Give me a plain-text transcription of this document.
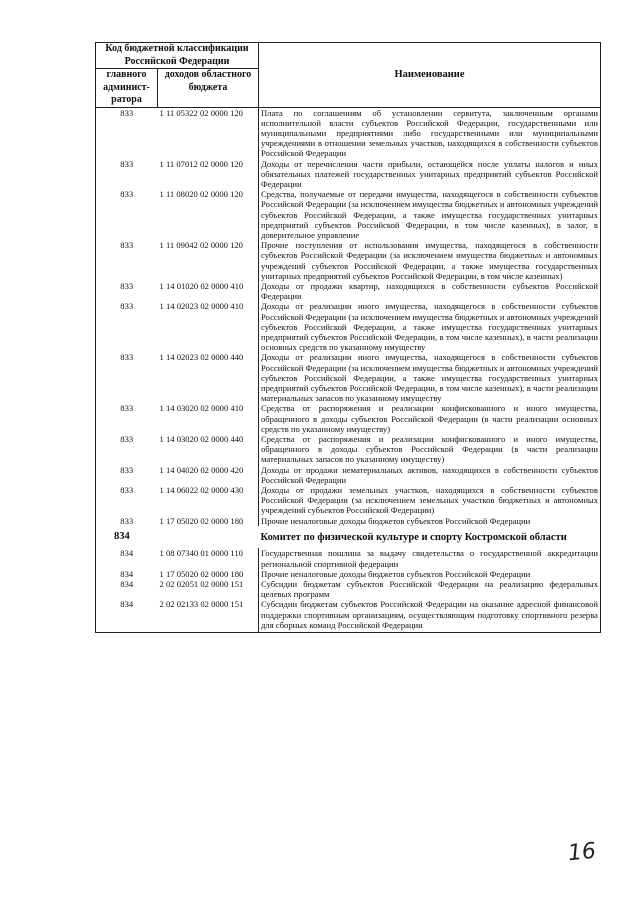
Код бюджетной классификации Российской Федерации		Наименование
главного админист-ратора	доходов областного бюджета	
833	1 11 05322 02 0000 120	Плата по соглашениям об установлении сервитута, заключенным органами исполнительной власти субъектов Российской Федерации, государственными или муниципальными предприятиями либо государственными или муниципальными учреждениями в отношении земельных участков, находящихся в собственности субъектов Российской Федерации
833	1 11 07012 02 0000 120	Доходы от перечисления части прибыли, остающейся после уплаты налогов и иных обязательных платежей государственных унитарных предприятий субъектов Российской Федерации
833	1 11 08020 02 0000 120	Средства, получаемые от передачи имущества, находящегося в собственности субъектов Российской Федерации (за исключением имущества бюджетных и автономных учреждений субъектов Российской Федерации, а также имущества государственных унитарных предприятий субъектов Российской Федерации, в том числе казенных), в залог, в доверительное управление
833	1 11 09042 02 0000 120	Прочие поступления от использования имущества, находящегося в собственности субъектов Российской Федерации (за исключением имущества бюджетных и автономных учреждений субъектов Российской Федерации, а также имущества государственных унитарных предприятий субъектов Российской Федерации, в том числе казенных)
833	1 14 01020 02 0000 410	Доходы от продажи квартир, находящихся в собственности субъектов Российской Федерации
833	1 14 02023 02 0000 410	Доходы от реализации иного имущества, находящегося в собственности субъектов Российской Федерации (за исключением имущества бюджетных и автономных учреждений субъектов Российской Федерации, а также имущества государственных унитарных предприятий субъектов Российской Федерации, в том числе казенных), в части реализации основных средств по указанному имуществу
833	1 14 02023 02 0000 440	Доходы от реализации иного имущества, находящегося в собственности субъектов Российской Федерации (за исключением имущества бюджетных и автономных учреждений субъектов Российской Федерации, а также имущества государственных унитарных предприятий субъектов Российской Федерации, в том числе казенных), в части реализации материальных запасов по указанному имуществу
833	1 14 03020 02 0000 410	Средства от распоряжения и реализации конфискованного и иного имущества, обращенного в доходы субъектов Российской Федерации (в части реализации основных средств по указанному имуществу)
833	1 14 03020 02 0000 440	Средства от распоряжения и реализации конфискованного и иного имущества, обращенного в доходы субъектов Российской Федерации (в части реализации материальных запасов по указанному имуществу)
833	1 14 04020 02 0000 420	Доходы от продажи нематериальных активов, находящихся в собственности субъектов Российской Федерации
833	1 14 06022 02 0000 430	Доходы от продажи земельных участков, находящихся в собственности субъектов Российской Федерации (за исключением земельных участков бюджетных и автономных учреждений субъектов Российской Федерации)
833	1 17 05020 02 0000 180	Прочие неналоговые доходы бюджетов субъектов Российской Федерации
834		Комитет по физической культуре и спорту Костромской области
834	1 08 07340 01 0000 110	Государственная пошлина за выдачу свидетельства о государственной аккредитации региональной спортивной федерации
834	1 17 05020 02 0000 180	Прочие неналоговые доходы бюджетов субъектов Российской Федерации
834	2 02 02051 02 0000 151	Субсидии бюджетам субъектов Российской Федерации на реализацию федеральных целевых программ
834	2 02 02133 02 0000 151	Субсидии бюджетам субъектов Российской Федерации на оказание адресной финансовой поддержки спортивным организациям, осуществляющим подготовку спортивного резерва для сборных команд Российской Федерации
16
